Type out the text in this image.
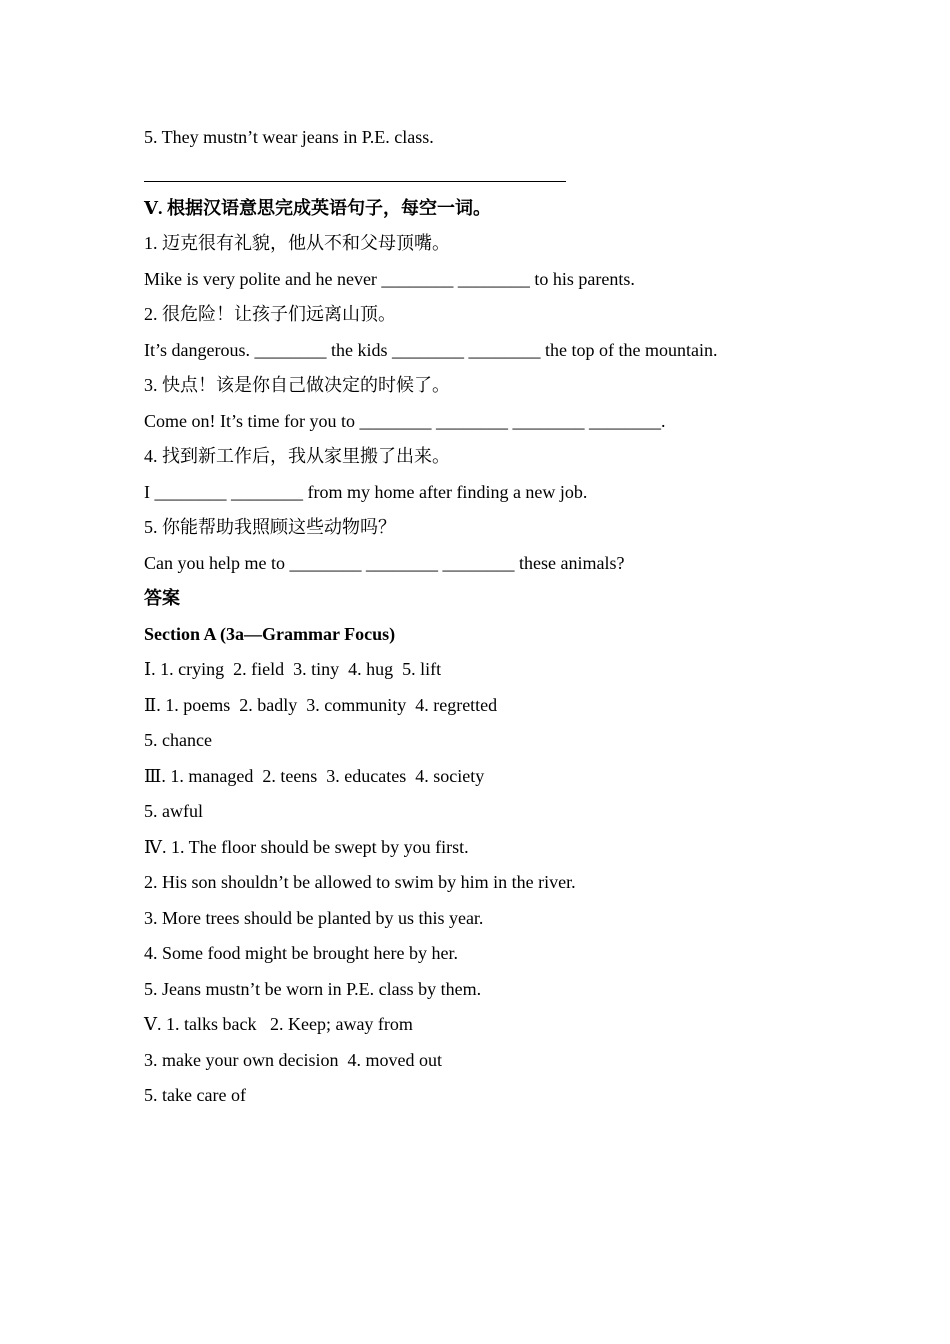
5. They mustn’t wear jeans in P.E. class.
Ⅴ. 根据汉语意思完成英语句子，每空一词。
1. 迈克很有礼貌，他从不和父母顶嘴。
Mike is very polite and he never ________ ________ to his parents.
2. 很危险！让孩子们远离山顶。
It’s dangerous. ________ the kids ________ ________ the top of the mountain.
3. 快点！该是你自己做决定的时候了。
Come on! It’s time for you to ________ ________ ________ ________.
4. 找到新工作后，我从家里搬了出来。
I ________ ________ from my home after finding a new job.
5. 你能帮助我照顾这些动物吗？
Can you help me to ________ ________ ________ these animals?
答案
Section A (3a—Grammar Focus)
Ⅰ. 1. crying  2. field  3. tiny  4. hug  5. lift
Ⅱ. 1. poems  2. badly  3. community  4. regretted
5. chance
Ⅲ. 1. managed  2. teens  3. educates  4. society
5. awful
Ⅳ. 1. The floor should be swept by you first.
2. His son shouldn’t be allowed to swim by him in the river.
3. More trees should be planted by us this year.
4. Some food might be brought here by her.
5. Jeans mustn’t be worn in P.E. class by them.
Ⅴ. 1. talks back   2. Keep; away from
3. make your own decision  4. moved out
5. take care of
